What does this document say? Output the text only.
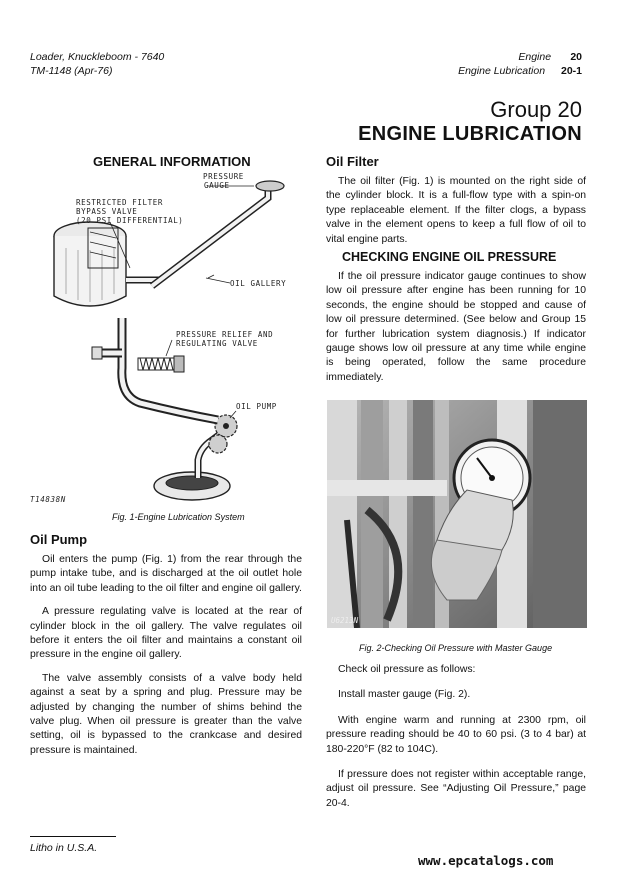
Loader, Knuckleboom - 7640
TM-1148 (Apr-76)
Engine 20
Engine Lubrication 20-1
Group 20
ENGINE LUBRICATION
GENERAL INFORMATION
PRESSURE
GAUGE
RESTRICTED FILTER
BYPASS VALVE
(20 PSI DIFFERENTIAL)
OIL GALLERY
PRESSURE RELIEF AND
REGULATING VALVE
OIL PUMP
T14838N
Fig. 1-Engine Lubrication System
Oil Pump

Oil enters the pump (Fig. 1) from the rear through the pump intake tube, and is discharged at the oil outlet hole into an oil tube leading to the oil filter and engine oil gallery.

A pressure regulating valve is located at the rear of cylinder block in the oil gallery. The valve regulates oil before it enters the oil filter and maintains a constant oil pressure in the engine oil gallery.

The valve assembly consists of a valve body held against a seat by a spring and plug. Pressure may be adjusted by changing the number of shims behind the valve plug. When oil pressure is greater than the valve setting, oil is bypassed to the crankcase and desired pressure is maintained.

Oil Filter

The oil filter (Fig. 1) is mounted on the right side of the cylinder block. It is a full-flow type with a spin-on type replaceable element. If the filter clogs, a bypass valve in the element opens to keep a full flow of oil to vital engine parts.

CHECKING ENGINE OIL PRESSURE

If the oil pressure indicator gauge continues to show low oil pressure after engine has been running for 10 seconds, the engine should be stopped and cause of low oil pressure determined. (See below and Group 15 for further lubrication system diagnosis.) If indicator gauge shows low oil pressure at any time while engine is being operated, follow the same procedure immediately.

U6213N
Fig. 2-Checking Oil Pressure with Master Gauge

Check oil pressure as follows:

Install master gauge (Fig. 2).

With engine warm and running at 2300 rpm, oil pressure reading should be 40 to 60 psi. (3 to 4 bar) at 180-220°F (82 to 104C).

If pressure does not register within acceptable range, adjust oil pressure. See “Adjusting Oil Pressure,” page 20-4.

Litho in U.S.A.
www.epcatalogs.com
